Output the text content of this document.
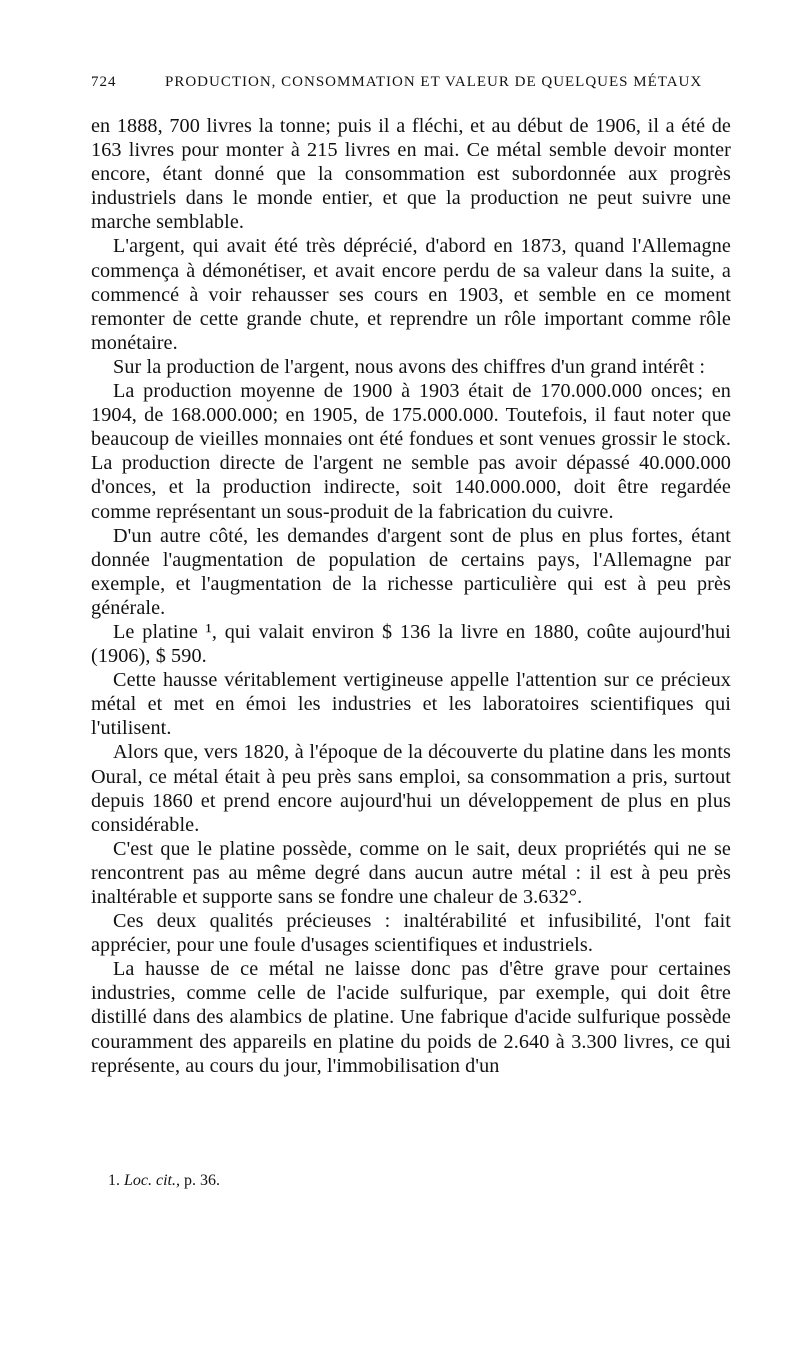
724	PRODUCTION, CONSOMMATION ET VALEUR DE QUELQUES MÉTAUX

en 1888, 700 livres la tonne; puis il a fléchi, et au début de 1906, il a été de 163 livres pour monter à 215 livres en mai. Ce métal semble devoir monter encore, étant donné que la consommation est subordonnée aux progrès industriels dans le monde entier, et que la production ne peut suivre une marche semblable.

L'argent, qui avait été très déprécié, d'abord en 1873, quand l'Allemagne commença à démonétiser, et avait encore perdu de sa valeur dans la suite, a commencé à voir rehausser ses cours en 1903, et semble en ce moment remonter de cette grande chute, et reprendre un rôle important comme rôle monétaire.

Sur la production de l'argent, nous avons des chiffres d'un grand intérêt :

La production moyenne de 1900 à 1903 était de 170.000.000 onces; en 1904, de 168.000.000; en 1905, de 175.000.000. Toutefois, il faut noter que beaucoup de vieilles monnaies ont été fondues et sont venues grossir le stock. La production directe de l'argent ne semble pas avoir dépassé 40.000.000 d'onces, et la production indirecte, soit 140.000.000, doit être regardée comme représentant un sous-produit de la fabrication du cuivre.

D'un autre côté, les demandes d'argent sont de plus en plus fortes, étant donnée l'augmentation de population de certains pays, l'Allemagne par exemple, et l'augmentation de la richesse particulière qui est à peu près générale.

Le platine ¹, qui valait environ $ 136 la livre en 1880, coûte aujourd'hui (1906), $ 590.

Cette hausse véritablement vertigineuse appelle l'attention sur ce précieux métal et met en émoi les industries et les laboratoires scientifiques qui l'utilisent.

Alors que, vers 1820, à l'époque de la découverte du platine dans les monts Oural, ce métal était à peu près sans emploi, sa consommation a pris, surtout depuis 1860 et prend encore aujourd'hui un développement de plus en plus considérable.

C'est que le platine possède, comme on le sait, deux propriétés qui ne se rencontrent pas au même degré dans aucun autre métal : il est à peu près inaltérable et supporte sans se fondre une chaleur de 3.632°.

Ces deux qualités précieuses : inaltérabilité et infusibilité, l'ont fait apprécier, pour une foule d'usages scientifiques et industriels.

La hausse de ce métal ne laisse donc pas d'être grave pour certaines industries, comme celle de l'acide sulfurique, par exemple, qui doit être distillé dans des alambics de platine. Une fabrique d'acide sulfurique possède couramment des appareils en platine du poids de 2.640 à 3.300 livres, ce qui représente, au cours du jour, l'immobilisation d'un

1. Loc. cit., p. 36.
